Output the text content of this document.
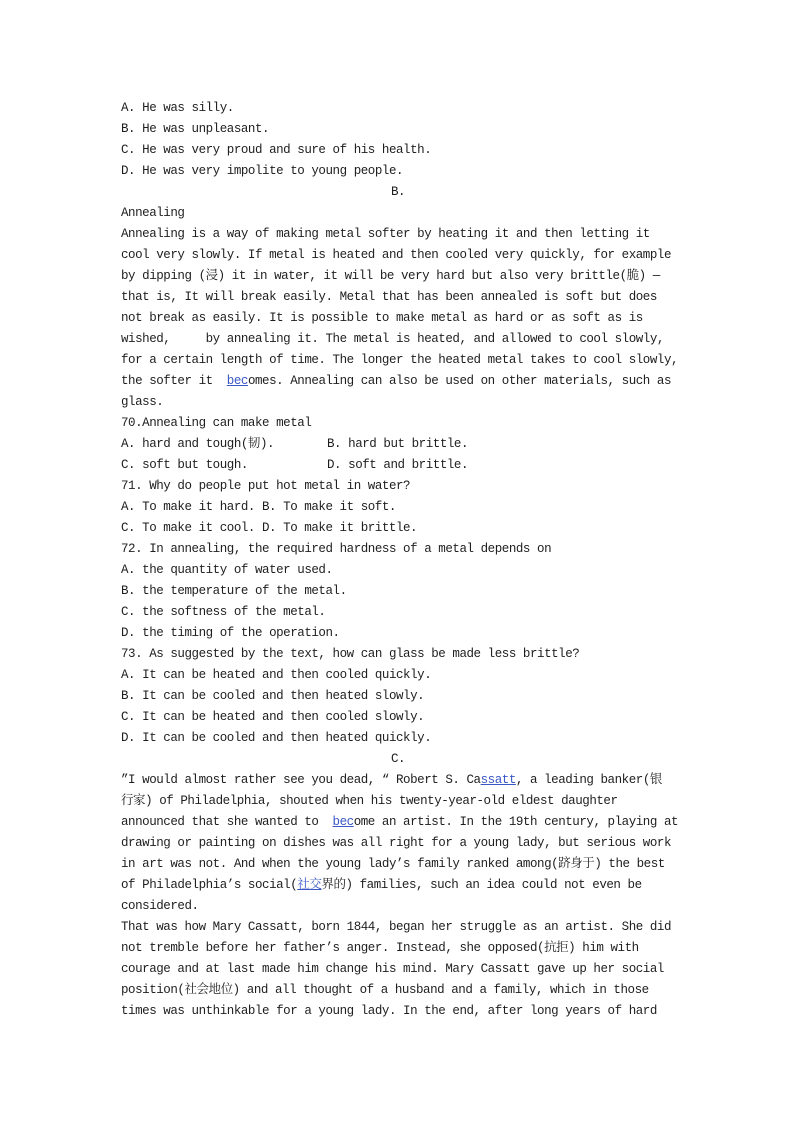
A. He was silly.
B. He was unpleasant.
C. He was very proud and sure of his health.
D. He was very impolite to young people.
B.
Annealing
Annealing is a way of making metal softer by heating it and then letting it
cool very slowly. If metal is heated and then cooled very quickly, for example
by dipping (浸) it in water, it will be very hard but also very brittle(脆) —
that is, It will break easily. Metal that has been annealed is soft but does
not break as easily. It is possible to make metal as hard or as soft as is
wished,     by annealing it. The metal is heated, and allowed to cool slowly,
for a certain length of time. The longer the heated metal takes to cool slowly,
the softer it  becomes. Annealing can also be used on other materials, such as
glass.
70.Annealing can make metal
A. hard and tough(韧).	B. hard but brittle.
C. soft but tough.	D. soft and brittle.
71. Why do people put hot metal in water?
A. To make it hard. B. To make it soft.
C. To make it cool. D. To make it brittle.
72. In annealing, the required hardness of a metal depends on
A. the quantity of water used.
B. the temperature of the metal.
C. the softness of the metal.
D. the timing of the operation.
73. As suggested by the text, how can glass be made less brittle?
A. It can be heated and then cooled quickly.
B. It can be cooled and then heated slowly.
C. It can be heated and then cooled slowly.
D. It can be cooled and then heated quickly.
C.
”I would almost rather see you dead, “ Robert S. Cassatt, a leading banker(银
行家) of Philadelphia, shouted when his twenty-year-old eldest daughter
announced that she wanted to  become an artist. In the 19th century, playing at
drawing or painting on dishes was all right for a young lady, but serious work
in art was not. And when the young lady’s family ranked among(跻身于) the best
of Philadelphia’s social(社交界的) families, such an idea could not even be
considered.
That was how Mary Cassatt, born 1844, began her struggle as an artist. She did
not tremble before her father’s anger. Instead, she opposed(抗拒) him with
courage and at last made him change his mind. Mary Cassatt gave up her social
position(社会地位) and all thought of a husband and a family, which in those
times was unthinkable for a young lady. In the end, after long years of hard
